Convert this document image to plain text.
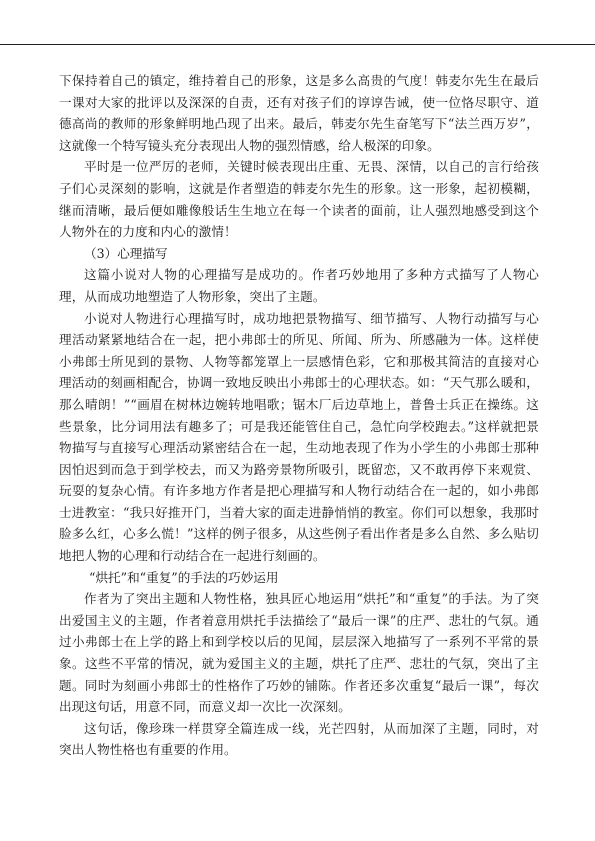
下保持着自己的镇定，维持着自己的形象，这是多么高贵的气度！韩麦尔先生在最后一课对大家的批评以及深深的自责，还有对孩子们的谆谆告诫，使一位恪尽职守、道德高尚的教师的形象鲜明地凸现了出来。最后，韩麦尔先生奋笔写下“法兰西万岁”，这就像一个特写镜头充分表现出人物的强烈情感，给人极深的印象。

平时是一位严厉的老师，关键时候表现出庄重、无畏、深情，以自己的言行给孩子们心灵深刻的影响，这就是作者塑造的韩麦尔先生的形象。这一形象，起初模糊，继而清晰，最后便如雕像般话生生地立在每一个读者的面前，让人强烈地感受到这个人物外在的力度和内心的激情！

（3）心理描写

这篇小说对人物的心理描写是成功的。作者巧妙地用了多种方式描写了人物心理，从而成功地塑造了人物形象，突出了主题。

小说对人物进行心理描写时，成功地把景物描写、细节描写、人物行动描写与心理活动紧紧地结合在一起，把小弗郎士的所见、所闻、所为、所感融为一体。这样使小弗郎士所见到的景物、人物等都笼罩上一层感情色彩，它和那极其简洁的直接对心理活动的刻画相配合，协调一致地反映出小弗郎士的心理状态。如：“天气那么暖和，那么晴朗！”“画眉在树林边婉转地唱歌；锯木厂后边草地上，普鲁士兵正在操练。这些景象，比分词用法有趣多了；可是我还能管住自己，急忙向学校跑去。”这样就把景物描写与直接写心理活动紧密结合在一起，生动地表现了作为小学生的小弗郎士那种因怕迟到而急于到学校去，而又为路旁景物所吸引，既留恋，又不敢再停下来观赏、玩耍的复杂心情。有许多地方作者是把心理描写和人物行动结合在一起的，如小弗郎士进教室：“我只好推开门，当着大家的面走进静悄悄的教室。你们可以想象，我那时脸多么红，心多么慌！”这样的例子很多，从这些例子看出作者是多么自然、多么贴切地把人物的心理和行动结合在一起进行刻画的。

“烘托”和“重复”的手法的巧妙运用

作者为了突出主题和人物性格，独具匠心地运用“烘托”和“重复”的手法。为了突出爱国主义的主题，作者着意用烘托手法描绘了“最后一课”的庄严、悲壮的气氛。通过小弗郎士在上学的路上和到学校以后的见闻，层层深入地描写了一系列不平常的景象。这些不平常的情况，就为爱国主义的主题，烘托了庄严、悲壮的气氛，突出了主题。同时为刻画小弗郎士的性格作了巧妙的铺陈。作者还多次重复“最后一课”，每次出现这句话，用意不同，而意义却一次比一次深刻。

这句话，像珍珠一样贯穿全篇连成一线，光芒四射，从而加深了主题，同时，对突出人物性格也有重要的作用。
